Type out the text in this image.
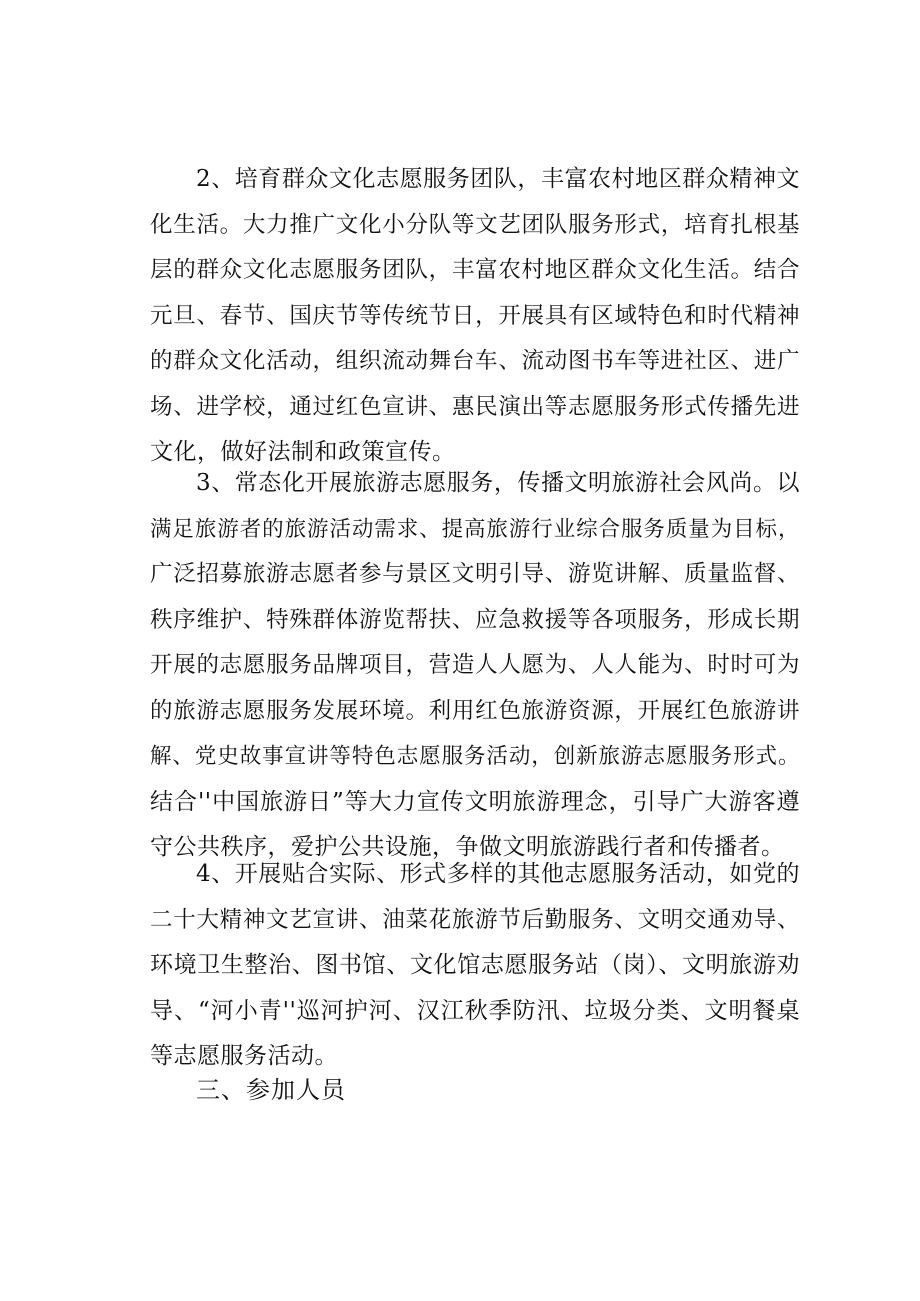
2、培育群众文化志愿服务团队，丰富农村地区群众精神文
化生活。大力推广文化小分队等文艺团队服务形式，培育扎根基
层的群众文化志愿服务团队，丰富农村地区群众文化生活。结合
元旦、春节、国庆节等传统节日，开展具有区域特色和时代精神
的群众文化活动，组织流动舞台车、流动图书车等进社区、进广
场、进学校，通过红色宣讲、惠民演出等志愿服务形式传播先进
文化，做好法制和政策宣传。
3、常态化开展旅游志愿服务，传播文明旅游社会风尚。以
满足旅游者的旅游活动需求、提高旅游行业综合服务质量为目标，
广泛招募旅游志愿者参与景区文明引导、游览讲解、质量监督、
秩序维护、特殊群体游览帮扶、应急救援等各项服务，形成长期
开展的志愿服务品牌项目，营造人人愿为、人人能为、时时可为
的旅游志愿服务发展环境。利用红色旅游资源，开展红色旅游讲
解、党史故事宣讲等特色志愿服务活动，创新旅游志愿服务形式。
结合''中国旅游日”等大力宣传文明旅游理念，引导广大游客遵
守公共秩序，爱护公共设施，争做文明旅游践行者和传播者。
4、开展贴合实际、形式多样的其他志愿服务活动，如党的
二十大精神文艺宣讲、油菜花旅游节后勤服务、文明交通劝导、
环境卫生整治、图书馆、文化馆志愿服务站（岗）、文明旅游劝
导、“河小青''巡河护河、汉江秋季防汛、垃圾分类、文明餐桌
等志愿服务活动。
三、参加人员
